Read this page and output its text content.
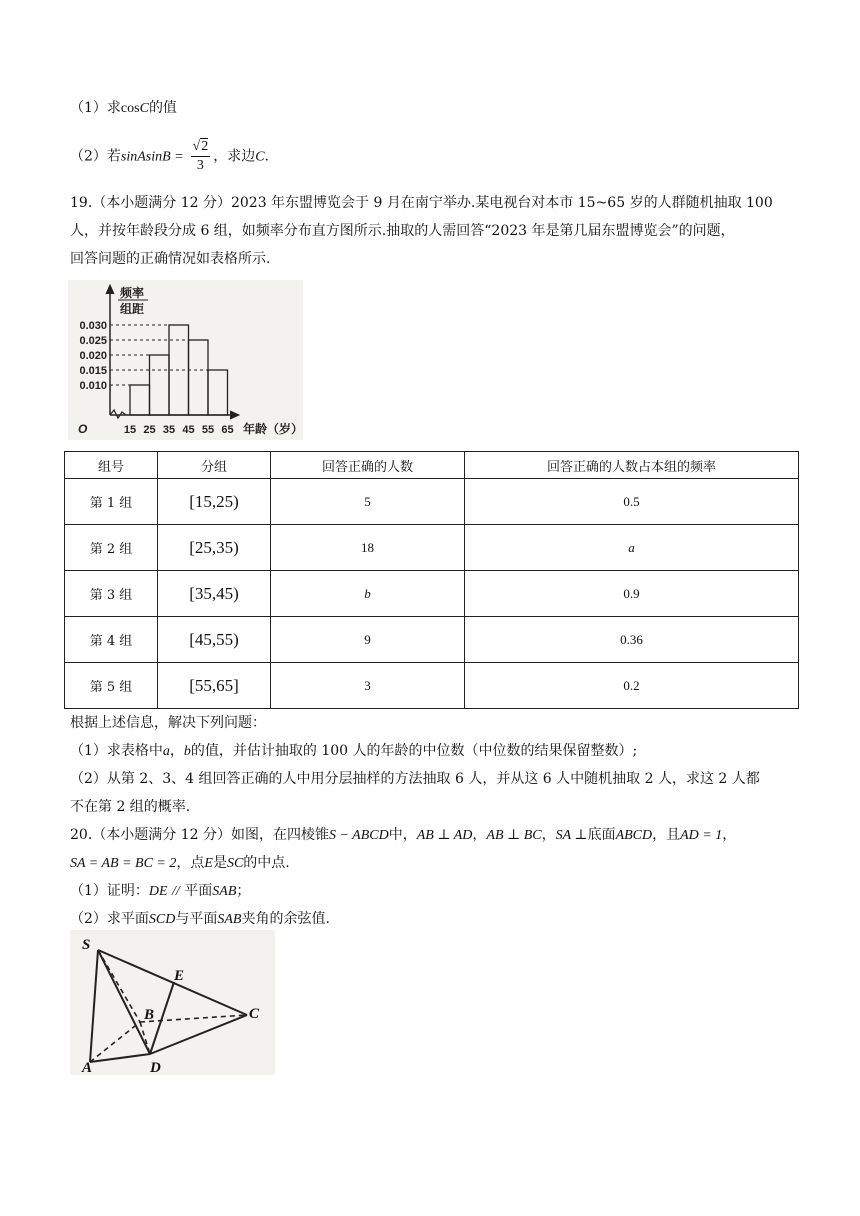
（1）求cosC的值
（2）若sinAsinB = $\frac{√2}{3}$ ，求边C.
19.（本小题满分 12 分）2023 年东盟博览会于 9 月在南宁举办.某电视台对本市 15~65 岁的人群随机抽取 100
人，并按年龄段分成 6 组，如频率分布直方图所示.抽取的人需回答“2023 年是第几届东盟博览会”的问题，
回答问题的正确情况如表格所示.
频率
组距
O	年龄（岁）
0.010
0.015
0.020
0.025
0.030
15 25 35 45 55 65
组号	分组	回答正确的人数	回答正确的人数占本组的频率
第 1 组	[15,25)	5	0.5
第 2 组	[25,35)	18	a
第 3 组	[35,45)	b	0.9
第 4 组	[45,55)	9	0.36
第 5 组	[55,65]	3	0.2
根据上述信息，解决下列问题：
（1）求表格中a，b的值，并估计抽取的 100 人的年龄的中位数（中位数的结果保留整数）;
（2）从第 2、3、4 组回答正确的人中用分层抽样的方法抽取 6 人，并从这 6 人中随机抽取 2 人，求这 2 人都
不在第 2 组的概率.
20.（本小题满分 12 分）如图，在四棱锥S − ABCD中，AB ⊥ AD，AB ⊥ BC，SA ⊥底面ABCD，且AD = 1，
SA = AB = BC = 2，点E是SC的中点.
（1）证明：DE // 平面SAB；
（2）求平面SCD与平面SAB夹角的余弦值.
S
E
B	C
A	D
